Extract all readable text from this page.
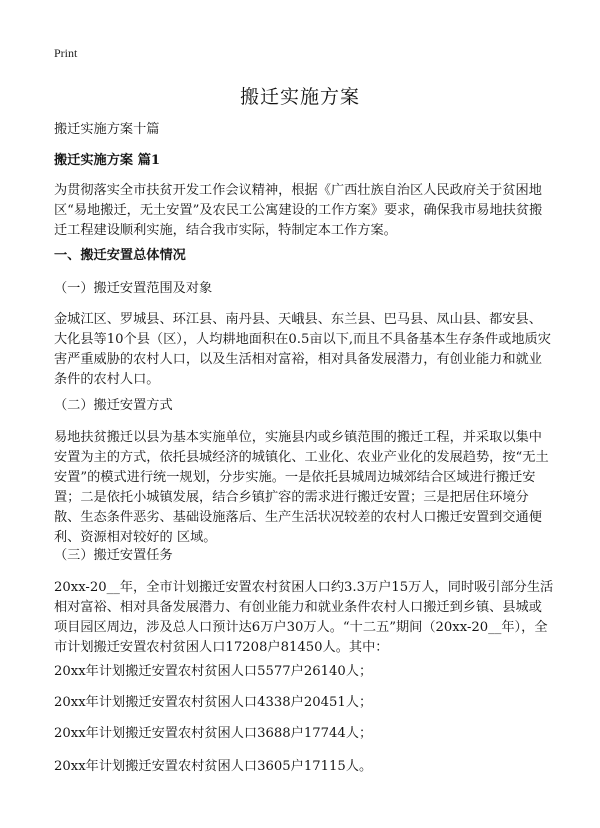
Print
搬迁实施方案
搬迁实施方案十篇
搬迁实施方案 篇1

为贯彻落实全市扶贫开发工作会议精神，根据《广西壮族自治区人民政府关于贫困地区“易地搬迁，无土安置”及农民工公寓建设的工作方案》要求，确保我市易地扶贫搬迁工程建设顺利实施，结合我市实际，特制定本工作方案。

一、搬迁安置总体情况
（一）搬迁安置范围及对象

金城江区、罗城县、环江县、南丹县、天峨县、东兰县、巴马县、凤山县、都安县、大化县等10个县（区），人均耕地面积在0.5亩以下,而且不具备基本生存条件或地质灾害严重威胁的农村人口，以及生活相对富裕，相对具备发展潜力，有创业能力和就业条件的农村人口。

（二）搬迁安置方式

易地扶贫搬迁以县为基本实施单位，实施县内或乡镇范围的搬迁工程，并采取以集中安置为主的方式，依托县城经济的城镇化、工业化、农业产业化的发展趋势，按“无土安置”的模式进行统一规划，分步实施。一是依托县城周边城郊结合区域进行搬迁安置；二是依托小城镇发展，结合乡镇扩容的需求进行搬迁安置；三是把居住环境分散、生态条件恶劣、基础设施落后、生产生活状况较差的农村人口搬迁安置到交通便利、资源相对较好的 区域。

（三）搬迁安置任务

20xx-20__年，全市计划搬迁安置农村贫困人口约3.3万户15万人，同时吸引部分生活相对富裕、相对具备发展潜力、有创业能力和就业条件农村人口搬迁到乡镇、县城或项目园区周边，涉及总人口预计达6万户30万人。“十二五”期间（20xx-20__年），全市计划搬迁安置农村贫困人口17208户81450人。其中：

20xx年计划搬迁安置农村贫困人口5577户26140人；
20xx年计划搬迁安置农村贫困人口4338户20451人；
20xx年计划搬迁安置农村贫困人口3688户17744人；
20xx年计划搬迁安置农村贫困人口3605户17115人。
